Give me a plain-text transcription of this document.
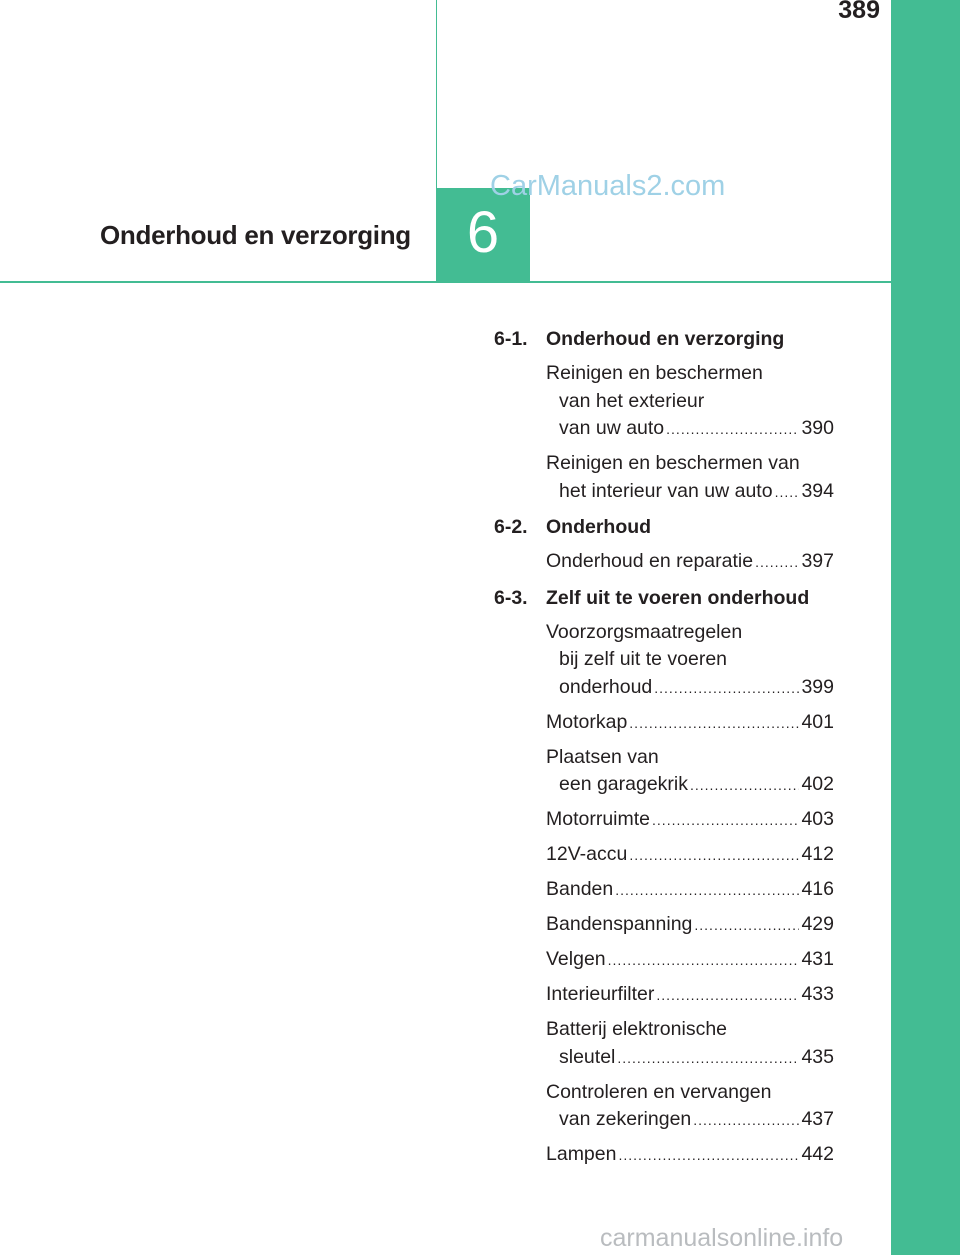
389
6
Onderhoud en verzorging
CarManuals2.com
6-1. Onderhoud en verzorging
Reinigen en beschermen
van het exterieur
van uw auto .....	390
Reinigen en beschermen van
het interieur van uw auto ..... 394
6-2. Onderhoud
Onderhoud en reparatie ..... 397
6-3. Zelf uit te voeren onderhoud
Voorzorgsmaatregelen
bij zelf uit te voeren
onderhoud .....	399
Motorkap .....	401
Plaatsen van
een garagekrik .....	402
Motorruimte .....	403
12V-accu .....	412
Banden .....	416
Bandenspanning .....	429
Velgen .....	431
Interieurfilter .....	433
Batterij elektronische
sleutel .....	435
Controleren en vervangen
van zekeringen .....	437
Lampen .....	442
carmanualsonline.info
